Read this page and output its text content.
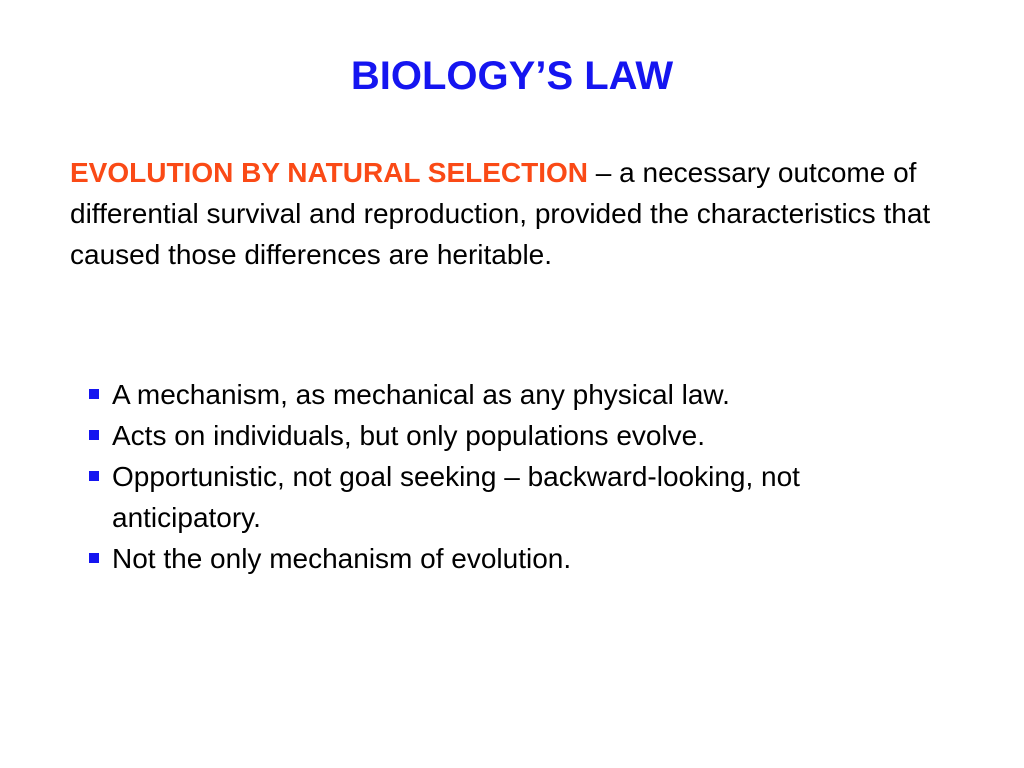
BIOLOGY’S LAW
EVOLUTION BY NATURAL SELECTION – a necessary outcome of differential survival and reproduction, provided the characteristics that caused those differences are heritable.
A mechanism, as mechanical as any physical law.
Acts on individuals, but only populations evolve.
Opportunistic, not goal seeking – backward-looking, not anticipatory.
Not the only mechanism of evolution.
